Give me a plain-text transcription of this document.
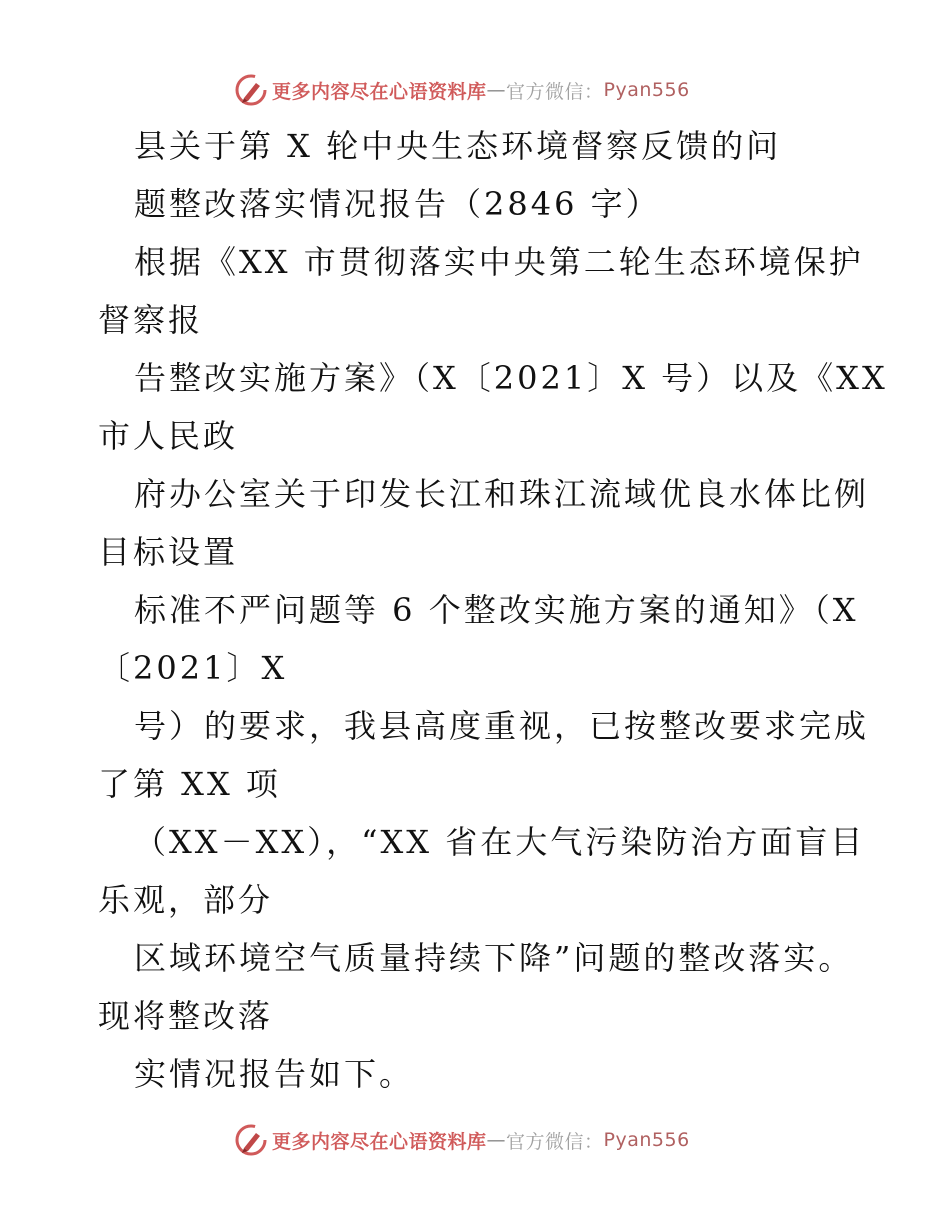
更多内容尽在心语资料库 — 官方微信： Pyan556
县关于第 X 轮中央生态环境督察反馈的问
题整改落实情况报告（2846 字）
根据《XX 市贯彻落实中央第二轮生态环境保护
督察报
告整改实施方案》（X〔2021〕X 号）以及《XX
市人民政
府办公室关于印发长江和珠江流域优良水体比例
目标设置
标准不严问题等 6 个整改实施方案的通知》（X
〔2021〕X
号）的要求，我县高度重视，已按整改要求完成
了第 XX 项
（XX－XX），“XX 省在大气污染防治方面盲目
乐观，部分
区域环境空气质量持续下降”问题的整改落实。
现将整改落
实情况报告如下。
更多内容尽在心语资料库 — 官方微信： Pyan556
